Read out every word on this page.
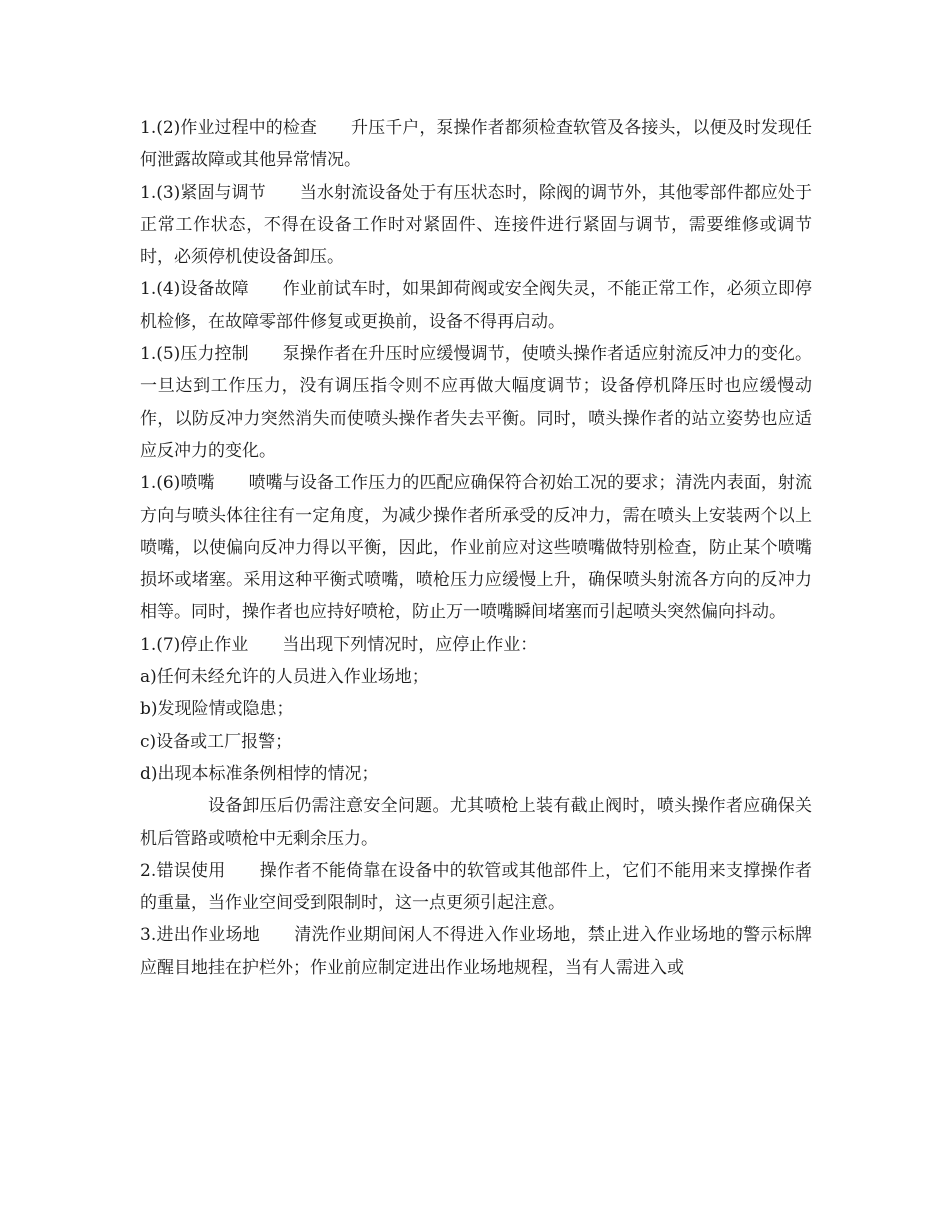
1.(2)作业过程中的检查 升压千户，泵操作者都须检查软管及各接头，以便及时发现任何泄露故障或其他异常情况。

1.(3)紧固与调节 当水射流设备处于有压状态时，除阀的调节外，其他零部件都应处于正常工作状态，不得在设备工作时对紧固件、连接件进行紧固与调节，需要维修或调节时，必须停机使设备卸压。

1.(4)设备故障 作业前试车时，如果卸荷阀或安全阀失灵，不能正常工作，必须立即停机检修，在故障零部件修复或更换前，设备不得再启动。

1.(5)压力控制 泵操作者在升压时应缓慢调节，使喷头操作者适应射流反冲力的变化。一旦达到工作压力，没有调压指令则不应再做大幅度调节；设备停机降压时也应缓慢动作，以防反冲力突然消失而使喷头操作者失去平衡。同时，喷头操作者的站立姿势也应适应反冲力的变化。

1.(6)喷嘴 喷嘴与设备工作压力的匹配应确保符合初始工况的要求；清洗内表面，射流方向与喷头体往往有一定角度，为减少操作者所承受的反冲力，需在喷头上安装两个以上喷嘴，以使偏向反冲力得以平衡，因此，作业前应对这些喷嘴做特别检查，防止某个喷嘴损坏或堵塞。采用这种平衡式喷嘴，喷枪压力应缓慢上升，确保喷头射流各方向的反冲力相等。同时，操作者也应持好喷枪，防止万一喷嘴瞬间堵塞而引起喷头突然偏向抖动。

1.(7)停止作业 当出现下列情况时，应停止作业：

a)任何未经允许的人员进入作业场地；

b)发现险情或隐患；

c)设备或工厂报警；

d)出现本标准条例相悖的情况；

设备卸压后仍需注意安全问题。尤其喷枪上装有截止阀时，喷头操作者应确保关机后管路或喷枪中无剩余压力。

2.错误使用 操作者不能倚靠在设备中的软管或其他部件上，它们不能用来支撑操作者的重量，当作业空间受到限制时，这一点更须引起注意。

3.进出作业场地 清洗作业期间闲人不得进入作业场地，禁止进入作业场地的警示标牌应醒目地挂在护栏外；作业前应制定进出作业场地规程，当有人需进入或
